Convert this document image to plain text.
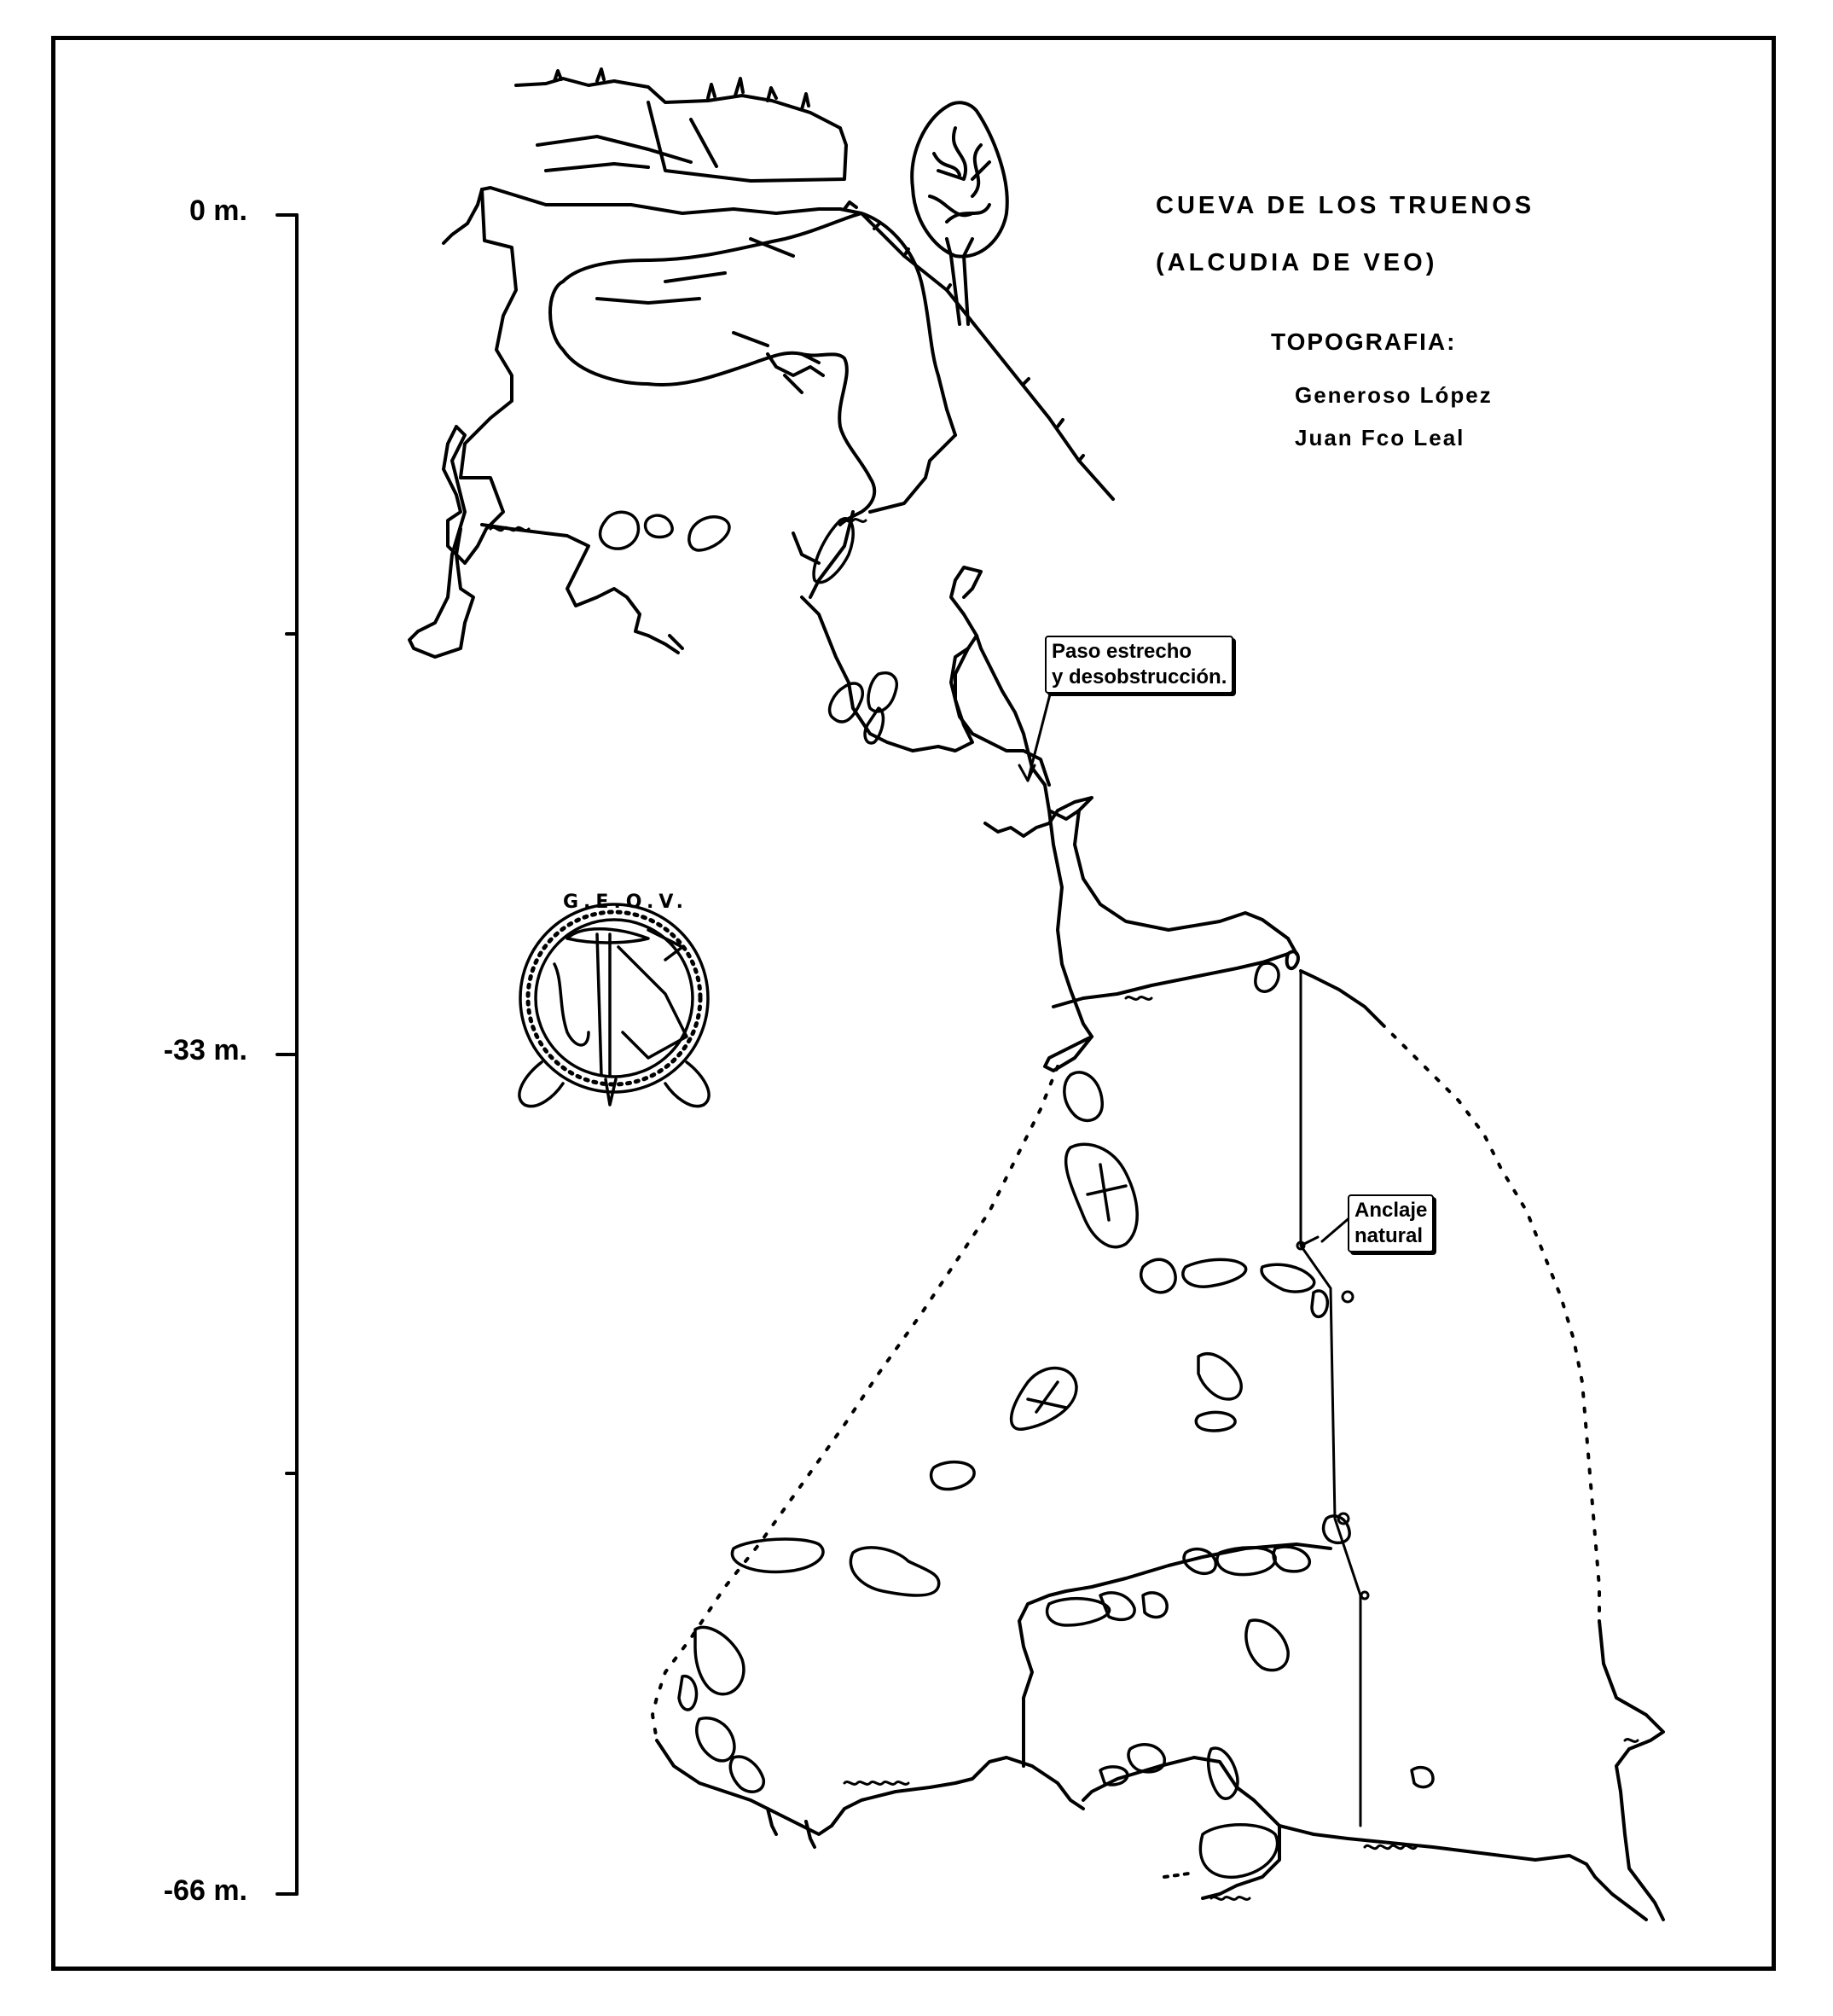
0 m.
-33 m.
-66 m.
CUEVA DE LOS TRUENOS
(ALCUDIA DE VEO)
TOPOGRAFIA:
Generoso López
Juan Fco Leal
Paso estrecho
y desobstrucción.
Anclaje
natural
G.E.O.V.
